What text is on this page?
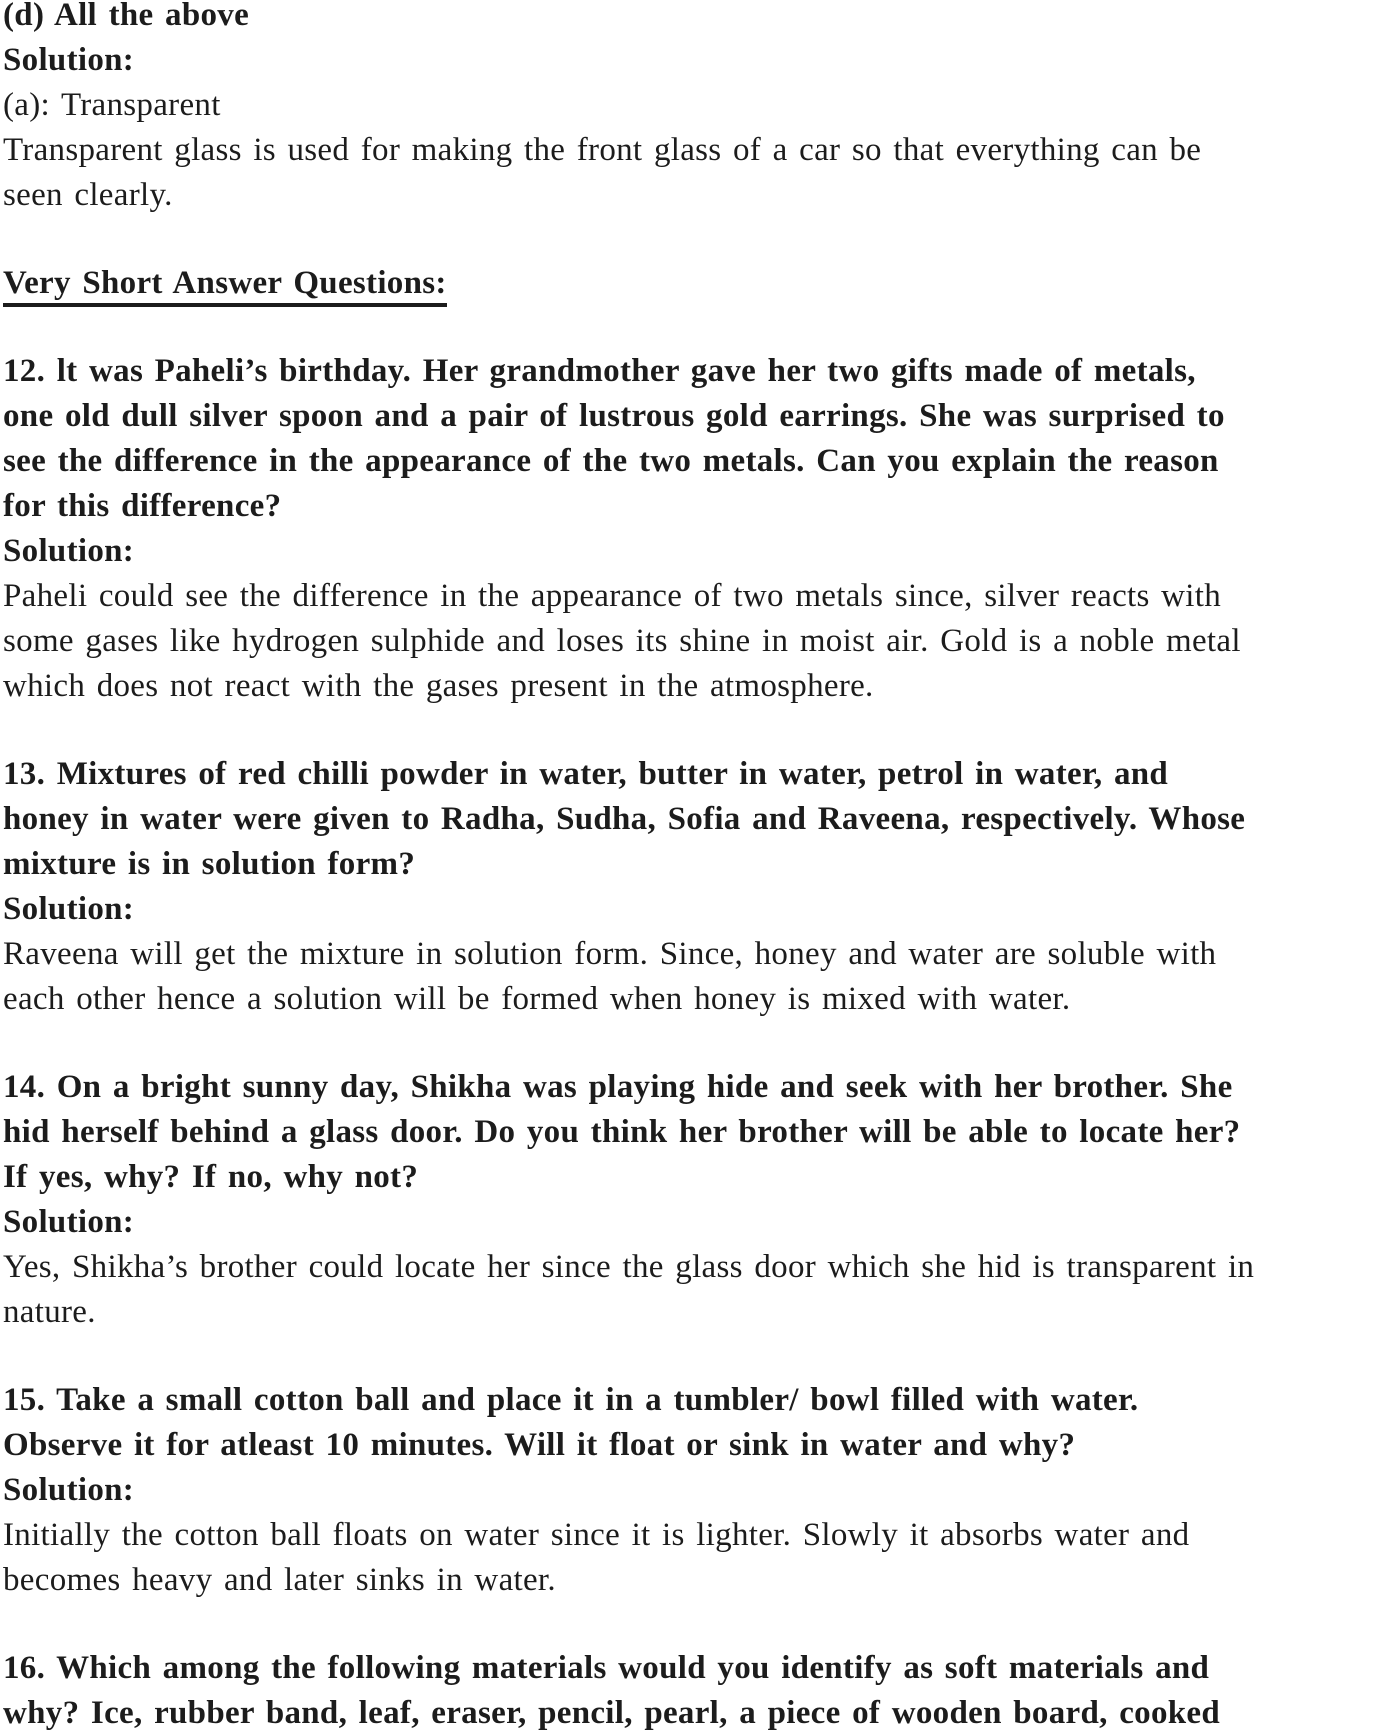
(d) All the above
Solution:
(a): Transparent
Transparent glass is used for making the front glass of a car so that everything can be
seen clearly.
Very Short Answer Questions:
12. lt was Paheli’s birthday. Her grandmother gave her two gifts made of metals,
one old dull silver spoon and a pair of lustrous gold earrings. She was surprised to
see the difference in the appearance of the two metals. Can you explain the reason
for this difference?
Solution:
Paheli could see the difference in the appearance of two metals since, silver reacts with
some gases like hydrogen sulphide and loses its shine in moist air. Gold is a noble metal
which does not react with the gases present in the atmosphere.
13. Mixtures of red chilli powder in water, butter in water, petrol in water, and
honey in water were given to Radha, Sudha, Sofia and Raveena, respectively. Whose
mixture is in solution form?
Solution:
Raveena will get the mixture in solution form. Since, honey and water are soluble with
each other hence a solution will be formed when honey is mixed with water.
14. On a bright sunny day, Shikha was playing hide and seek with her brother. She
hid herself behind a glass door. Do you think her brother will be able to locate her?
If yes, why? If no, why not?
Solution:
Yes, Shikha’s brother could locate her since the glass door which she hid is transparent in
nature.
15. Take a small cotton ball and place it in a tumbler/ bowl filled with water.
Observe it for atleast 10 minutes. Will it float or sink in water and why?
Solution:
Initially the cotton ball floats on water since it is lighter. Slowly it absorbs water and
becomes heavy and later sinks in water.
16. Which among the following materials would you identify as soft materials and
why? Ice, rubber band, leaf, eraser, pencil, pearl, a piece of wooden board, cooked
